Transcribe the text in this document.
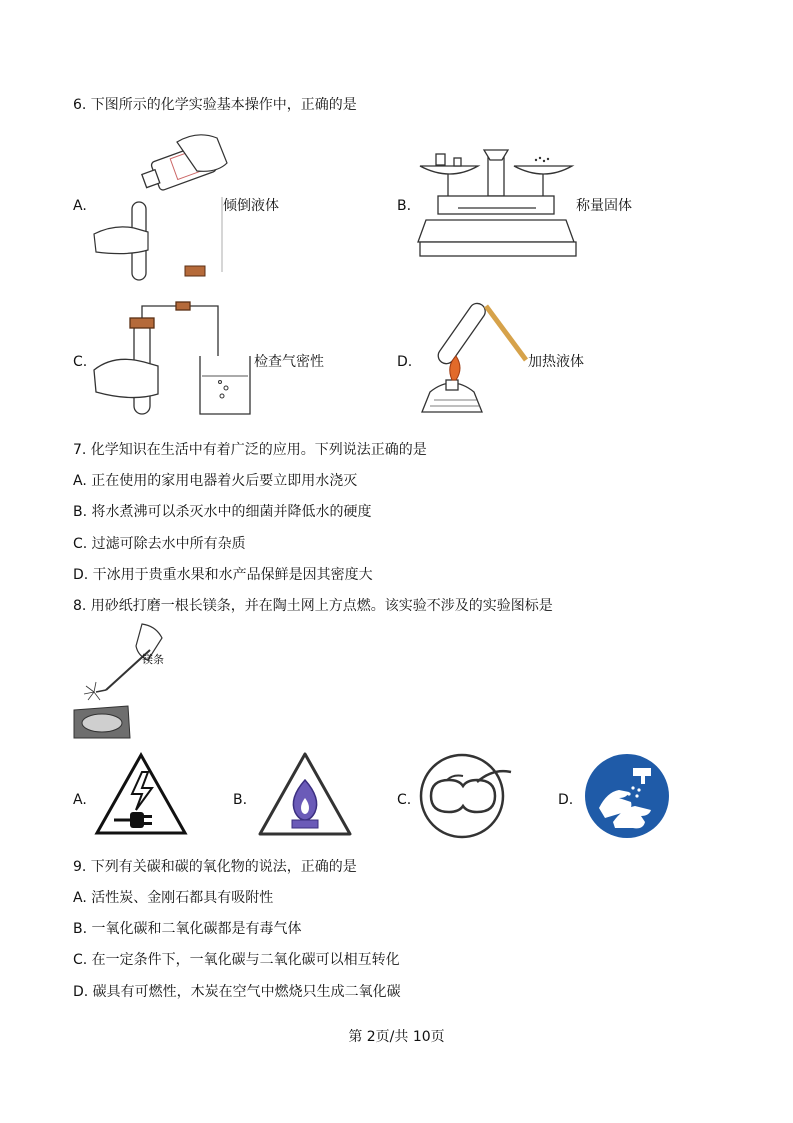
6. 下图所示的化学实验基本操作中，正确的是
A.	倾倒液体	B.	称量固体
C.	检查气密性	D.	加热液体
7. 化学知识在生活中有着广泛的应用。下列说法正确的是
A. 正在使用的家用电器着火后要立即用水浇灭
B. 将水煮沸可以杀灭水中的细菌并降低水的硬度
C. 过滤可除去水中所有杂质
D. 干冰用于贵重水果和水产品保鲜是因其密度大
8. 用砂纸打磨一根长镁条，并在陶土网上方点燃。该实验不涉及的实验图标是
镁条
A.	B.	C.	D.
9. 下列有关碳和碳的氧化物的说法，正确的是
A. 活性炭、金刚石都具有吸附性
B. 一氧化碳和二氧化碳都是有毒气体
C. 在一定条件下，一氧化碳与二氧化碳可以相互转化
D. 碳具有可燃性，木炭在空气中燃烧只生成二氧化碳
第 2页/共 10页
